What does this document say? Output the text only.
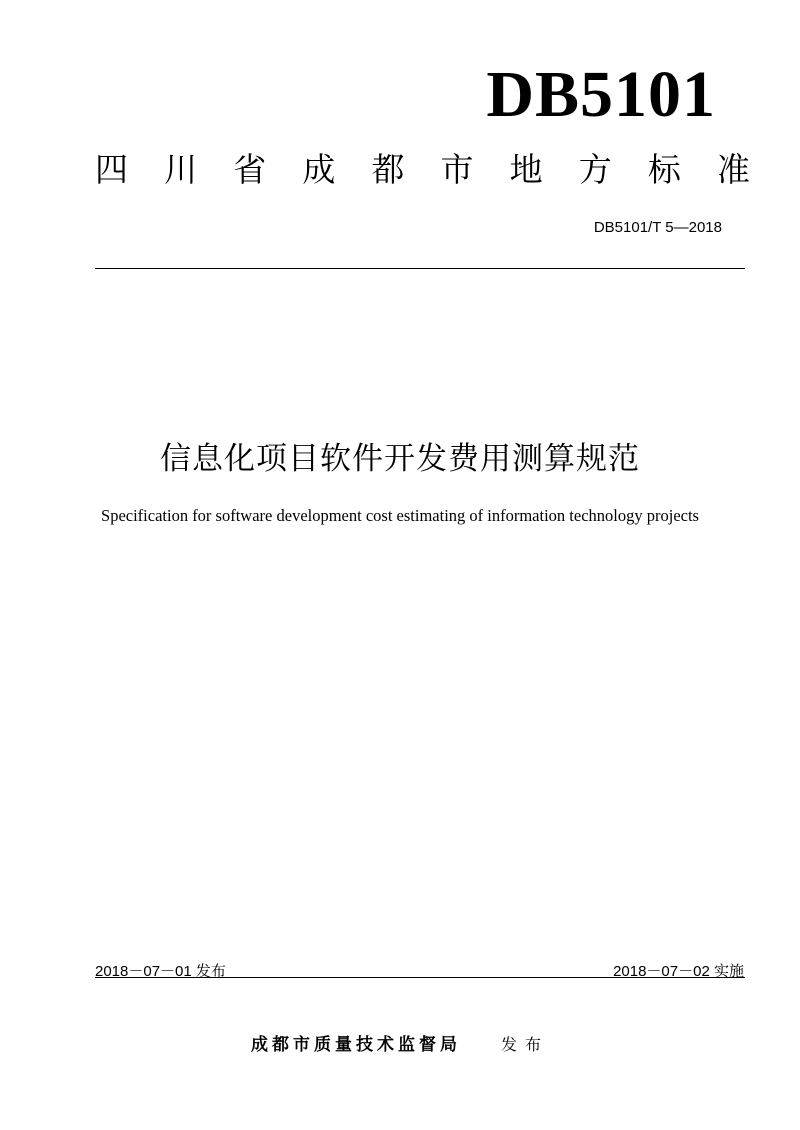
DB5101
四 川 省 成 都 市 地 方 标 准
DB5101/T 5—2018
信息化项目软件开发费用测算规范
Specification for software development cost estimating of information technology projects
2018－07－01 发布	2018－07－02 实施
成都市质量技术监督局	发布
